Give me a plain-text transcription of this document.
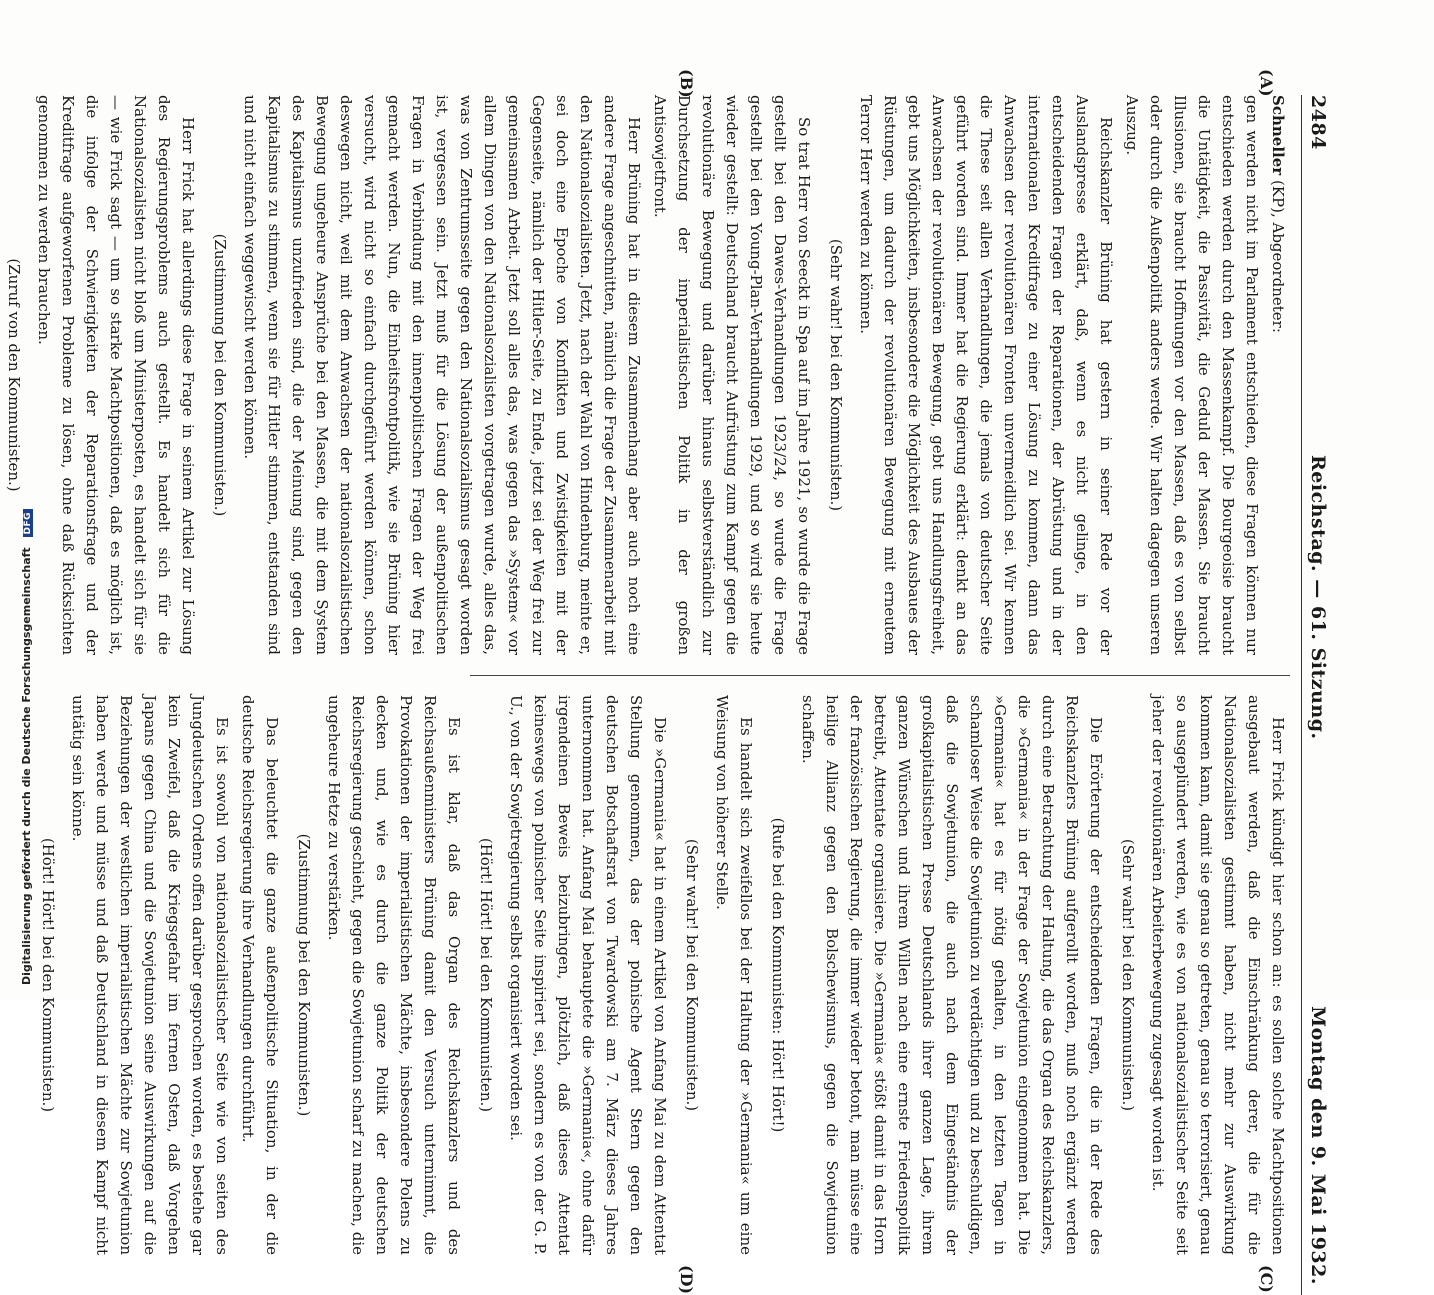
2484
Reichstag. — 61. Sitzung.
Montag den 9. Mai 1932.
(A)
(B)
(C)
(D)

Schneller (KP), Abgeordneter:

gen werden nicht im Parlament entschieden, diese Fragen können nur entschieden werden durch den Massenkampf. Die Bourgeoisie braucht die Untätigkeit, die Passivität, die Geduld der Massen. Sie braucht Illusionen, sie braucht Hoffnungen vor den Massen, daß es von selbst oder durch die Außenpolitik anders werde. Wir halten dagegen unseren Auszug.

Reichskanzler Brüning hat gestern in seiner Rede vor der Auslandspresse erklärt, daß, wenn es nicht gelinge, in den entscheidenden Fragen der Reparationen, der Abrüstung und in der internationalen Kreditfrage zu einer Lösung zu kommen, dann das Anwachsen der revolutionären Fronten unvermeidlich sei. Wir kennen die These seit allen Verhandlungen, die jemals von deutscher Seite geführt worden sind. Immer hat die Regierung erklärt: denkt an das Anwachsen der revolutionären Bewegung, gebt uns Handlungsfreiheit, gebt uns Möglichkeiten, insbesondere die Möglichkeit des Ausbaues der Rüstungen, um dadurch der revolutionären Bewegung mit erneutem Terror Herr werden zu können.

(Sehr wahr! bei den Kommunisten.)

So trat Herr von Seeckt in Spa auf im Jahre 1921, so wurde die Frage gestellt bei den Dawes-Verhandlungen 1923/24, so wurde die Frage gestellt bei den Young-Plan-Verhandlungen 1929, und so wird sie heute wieder gestellt: Deutschland braucht Aufrüstung zum Kampf gegen die revolutionäre Bewegung und darüber hinaus selbstverständlich zur Durchsetzung der imperialistischen Politik in der großen Antisowjetfront.

Herr Brüning hat in diesem Zusammenhang aber auch noch eine andere Frage angeschnitten, nämlich die Frage der Zusammenarbeit mit den Nationalsozialisten. Jetzt, nach der Wahl von Hindenburg, meinte er, sei doch eine Epoche von Konflikten und Zwistigkeiten mit der Gegenseite, nämlich der Hitler-Seite, zu Ende, jetzt sei der Weg frei zur gemeinsamen Arbeit. Jetzt soll alles das, was gegen das »System« vor allem Dingen von den Nationalsozialisten vorgetragen wurde, alles das, was von Zentrumsseite gegen den Nationalsozialismus gesagt worden ist, vergessen sein. Jetzt muß für die Lösung der außenpolitischen Fragen in Verbindung mit den innenpolitischen Fragen der Weg frei gemacht werden. Nun, die Einheitsfrontpolitik, wie sie Brüning hier versucht, wird nicht so einfach durchgeführt werden können, schon deswegen nicht, weil mit dem Anwachsen der nationalsozialistischen Bewegung ungeheure Ansprüche bei den Massen, die mit dem System des Kapitalismus unzufrieden sind, die der Meinung sind, gegen den Kapitalismus zu stimmen, wenn sie für Hitler stimmen, entstanden sind und nicht einfach weggewischt werden können.

(Zustimmung bei den Kommunisten.)

Herr Frick hat allerdings diese Frage in seinem Artikel zur Lösung des Regierungsproblems auch gestellt. Es handelt sich für die Nationalsozialisten nicht bloß um Ministerposten, es handelt sich für sie — wie Frick sagt — um so starke Machtpositionen, daß es möglich ist, die infolge der Schwierigkeiten der Reparationsfrage und der Kreditfrage aufgeworfenen Probleme zu lösen, ohne daß Rücksichten genommen zu werden brauchen.

(Zuruf von den Kommunisten.)

Herr Frick kündigt hier schon an: es sollen solche Machtpositionen ausgebaut werden, daß die Einschränkung derer, die für die Nationalsozialisten gestimmt haben, nicht mehr zur Auswirkung kommen kann, damit sie genau so getreten, genau so terrorisiert, genau so ausgeplündert werden, wie es von nationalsozialistischer Seite seit jeher der revolutionären Arbeiterbewegung zugesagt worden ist.

(Sehr wahr! bei den Kommunisten.)

Die Erörterung der entscheidenden Fragen, die in der Rede des Reichskanzlers Brüning aufgerollt worden, muß noch ergänzt werden durch eine Betrachtung der Haltung, die das Organ des Reichskanzlers, die »Germania« in der Frage der Sowjetunion eingenommen hat. Die »Germania« hat es für nötig gehalten, in den letzten Tagen in schamloser Weise die Sowjetunion zu verdächtigen und zu beschuldigen, daß die Sowjetunion, die auch nach dem Eingeständnis der großkapitalistischen Presse Deutschlands ihrer ganzen Lage, ihrem ganzen Wünschen und ihrem Willen nach eine ernste Friedenspolitik betreibt, Attentate organisiere. Die »Germania« stößt damit in das Horn der französischen Regierung, die immer wieder betont, man müsse eine heilige Allianz gegen den Bolschewismus, gegen die Sowjetunion schaffen.

(Rufe bei den Kommunisten: Hört! Hört!)

Es handelt sich zweifellos bei der Haltung der »Germania« um eine Weisung von höherer Stelle.

(Sehr wahr! bei den Kommunisten.)

Die »Germania« hat in einem Artikel von Anfang Mai zu dem Attentat Stellung genommen, das der polnische Agent Stern gegen den deutschen Botschaftsrat von Twardowski am 7. März dieses Jahres unternommen hat. Anfang Mai behauptete die »Germania«, ohne dafür irgendeinen Beweis beizubringen, plötzlich, daß dieses Attentat keineswegs von polnischer Seite inspiriert sei, sondern es von der G. P. U., von der Sowjetregierung selbst organisiert worden sei.

(Hört! Hört! bei den Kommunisten.)

Es ist klar, daß das Organ des Reichskanzlers und des Reichsaußenministers Brüning damit den Versuch unternimmt, die Provokationen der imperialistischen Mächte, insbesondere Polens zu decken und, wie es durch die ganze Politik der deutschen Reichsregierung geschieht, gegen die Sowjetunion scharf zu machen, die ungeheure Hetze zu verstärken.

(Zustimmung bei den Kommunisten.)

Das beleuchtet die ganze außenpolitische Situation, in der die deutsche Reichsregierung ihre Verhandlungen durchführt.

Es ist sowohl von nationalsozialistischer Seite wie von seiten des Jungdeutschen Ordens offen darüber gesprochen worden, es bestehe gar kein Zweifel, daß die Kriegsgefahr im fernen Osten, daß Vorgehen Japans gegen China und die Sowjetunion seine Auswirkungen auf die Beziehungen der westlichen imperialistischen Mächte zur Sowjetunion haben werde und müsse und daß Deutschland in diesem Kampf nicht untätig sein könne.

(Hört! Hört! bei den Kommunisten.)

Digitalisierung gefördert durch die Deutsche Forschungsgemeinschaft DFG
